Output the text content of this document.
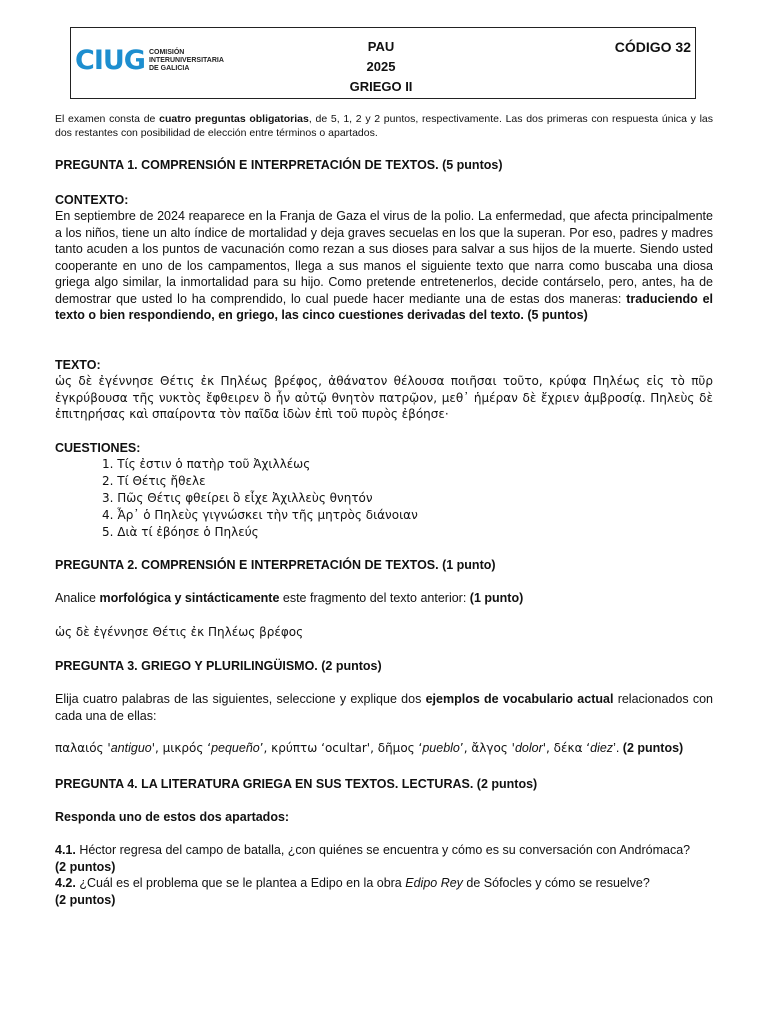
CIUG COMISIÓN
INTERUNIVERSITARIA
DE GALICIA
PAU
2025
GRIEGO II
CÓDIGO 32
El examen consta de cuatro preguntas obligatorias, de 5, 1, 2 y 2 puntos, respectivamente. Las dos primeras con respuesta única y las dos restantes con posibilidad de elección entre términos o apartados.
PREGUNTA 1. COMPRENSIÓN E INTERPRETACIÓN DE TEXTOS. (5 puntos)
CONTEXTO:
En septiembre de 2024 reaparece en la Franja de Gaza el virus de la polio. La enfermedad, que afecta principalmente a los niños, tiene un alto índice de mortalidad y deja graves secuelas en los que la superan. Por eso, padres y madres tanto acuden a los puntos de vacunación como rezan a sus dioses para salvar a sus hijos de la muerte. Siendo usted cooperante en uno de los campamentos, llega a sus manos el siguiente texto que narra como buscaba una diosa griega algo similar, la inmortalidad para su hijo. Como pretende entretenerlos, decide contárselo, pero, antes, ha de demostrar que usted lo ha comprendido, lo cual puede hacer mediante una de estas dos maneras: traduciendo el texto o bien respondiendo, en griego, las cinco cuestiones derivadas del texto. (5 puntos)
TEXTO:
ὡς δὲ ἐγέννησε Θέτις ἐκ Πηλέως βρέφος, ἀθάνατον θέλουσα ποιῆσαι τοῦτο, κρύφα Πηλέως εἰς τὸ πῦρ ἐγκρύβουσα τῆς νυκτὸς ἔφθειρεν ὃ ἦν αὐτῷ θνητὸν πατρῷον, μεθ᾽ ἡμέραν δὲ ἔχριεν ἀμβροσίᾳ. Πηλεὺς δὲ ἐπιτηρήσας καὶ σπαίροντα τὸν παῖδα ἰδὼν ἐπὶ τοῦ πυρὸς ἐβόησε·
CUESTIONES:
1. Τίς ἐστιν ὁ πατὴρ τοῦ Ἀχιλλέως
2. Τί Θέτις ἤθελε
3. Πῶς Θέτις φθείρει ὃ εἶχε Ἀχιλλεὺς θνητόν
4. Ἆρ᾽ ὁ Πηλεὺς γιγνώσκει τὴν τῆς μητρὸς διάνοιαν
5. Διὰ τί ἐβόησε ὁ Πηλεύς
PREGUNTA 2. COMPRENSIÓN E INTERPRETACIÓN DE TEXTOS. (1 punto)
Analice morfológica y sintácticamente este fragmento del texto anterior: (1 punto)
ὡς δὲ ἐγέννησε Θέτις ἐκ Πηλέως βρέφος
PREGUNTA 3. GRIEGO Y PLURILINGÜISMO. (2 puntos)
Elija cuatro palabras de las siguientes, seleccione y explique dos ejemplos de vocabulario actual relacionados con cada una de ellas:
παλαιός 'antiguo', μικρός ‘pequeño’, κρύπτω ‘ocultar', δῆμος ‘pueblo’, ἄλγος 'dolor', δέκα ‘diez’. (2 puntos)
PREGUNTA 4. LA LITERATURA GRIEGA EN SUS TEXTOS. LECTURAS. (2 puntos)
Responda uno de estos dos apartados:
4.1. Héctor regresa del campo de batalla, ¿con quiénes se encuentra y cómo es su conversación con Andrómaca?
(2 puntos)
4.2. ¿Cuál es el problema que se le plantea a Edipo en la obra Edipo Rey de Sófocles y cómo se resuelve?
(2 puntos)
